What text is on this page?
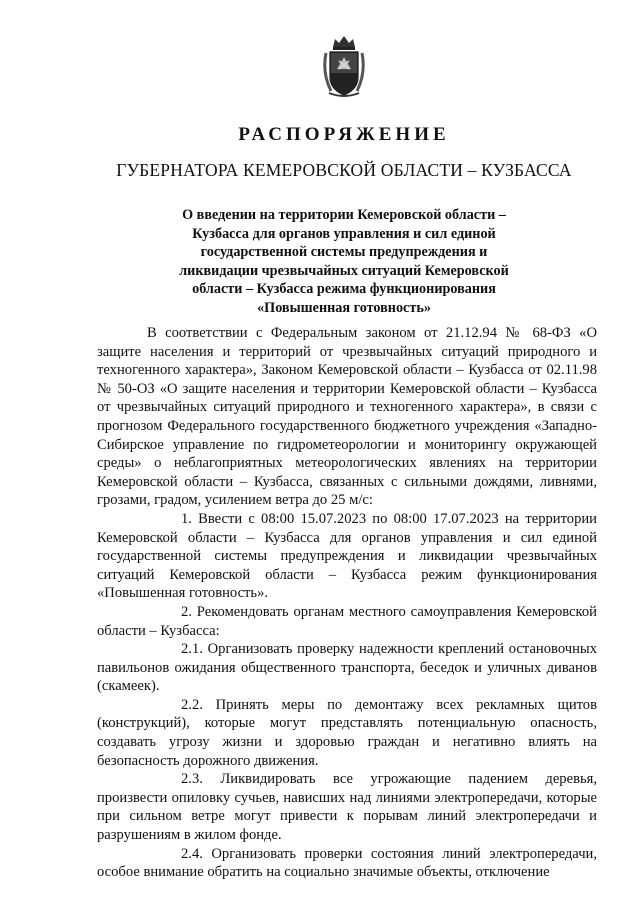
РАСПОРЯЖЕНИЕ
ГУБЕРНАТОРА КЕМЕРОВСКОЙ ОБЛАСТИ – КУЗБАССА
О введении на территории Кемеровской области – Кузбасса для органов управления и сил единой государственной системы предупреждения и ликвидации чрезвычайных ситуаций Кемеровской области – Кузбасса режима функционирования «Повышенная готовность»

В соответствии с Федеральным законом от 21.12.94 № 68-ФЗ «О защите населения и территорий от чрезвычайных ситуаций природного и техногенного характера», Законом Кемеровской области – Кузбасса от 02.11.98 № 50-ОЗ «О защите населения и территории Кемеровской области – Кузбасса от чрезвычайных ситуаций природного и техногенного характера», в связи с прогнозом Федерального государственного бюджетного учреждения «Западно-Сибирское управление по гидрометеорологии и мониторингу окружающей среды» о неблагоприятных метеорологических явлениях на территории Кемеровской области – Кузбасса, связанных с сильными дождями, ливнями, грозами, градом, усилением ветра до 25 м/с:

1. Ввести с 08:00 15.07.2023 по 08:00 17.07.2023 на территории Кемеровской области – Кузбасса для органов управления и сил единой государственной системы предупреждения и ликвидации чрезвычайных ситуаций Кемеровской области – Кузбасса режим функционирования «Повышенная готовность».

2. Рекомендовать органам местного самоуправления Кемеровской области – Кузбасса:

2.1. Организовать проверку надежности креплений остановочных павильонов ожидания общественного транспорта, беседок и уличных диванов (скамеек).

2.2. Принять меры по демонтажу всех рекламных щитов (конструкций), которые могут представлять потенциальную опасность, создавать угрозу жизни и здоровью граждан и негативно влиять на безопасность дорожного движения.

2.3. Ликвидировать все угрожающие падением деревья, произвести опиловку сучьев, нависших над линиями электропередачи, которые при сильном ветре могут привести к порывам линий электропередачи и разрушениям в жилом фонде.

2.4. Организовать проверки состояния линий электропередачи, особое внимание обратить на социально значимые объекты, отключение
